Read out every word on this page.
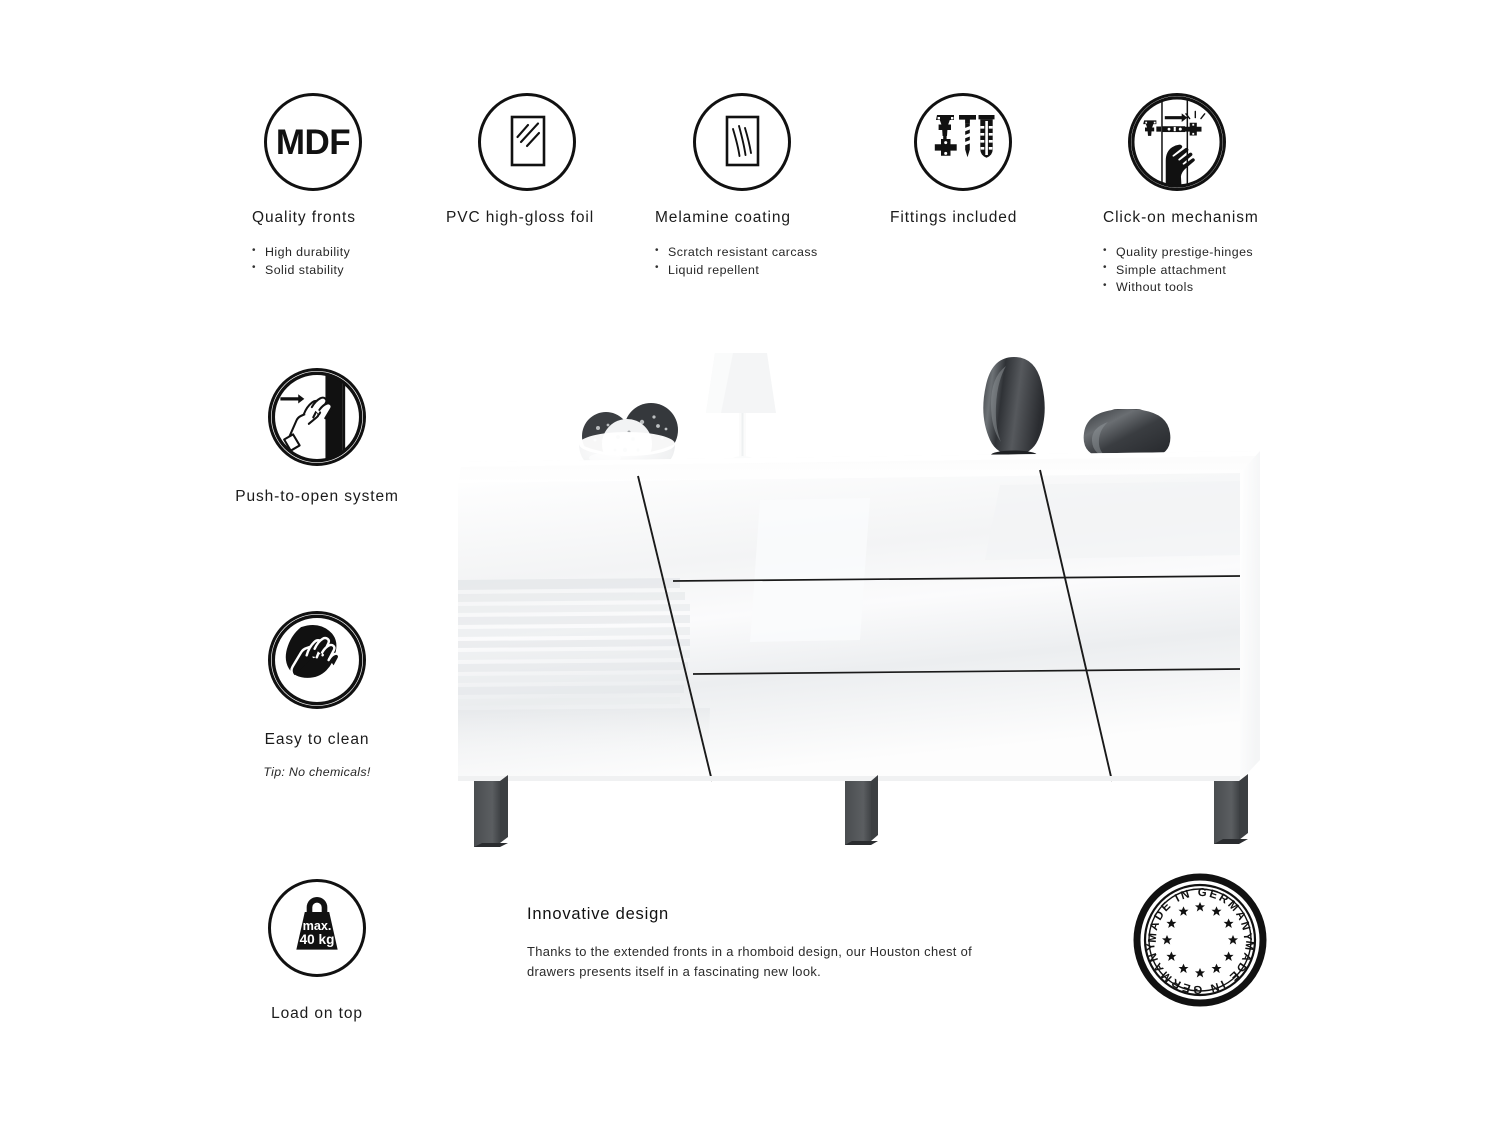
MDF
Quality fronts
• High durability
• Solid stability
PVC high-gloss foil	Melamine coating
• Scratch resistant carcass
• Liquid repellent
Fittings included	Click-on mechanism
• Quality prestige-hinges
• Simple attachment
• Without tools
Push-to-open system
Easy to clean
Tip: No chemicals!
max.
40 kg
Load on top
Innovative design
Thanks to the extended fronts in a rhomboid design, our Houston chest of drawers presents itself in a fascinating new look.
MADE IN GERMANY
MADE IN GERMANY
